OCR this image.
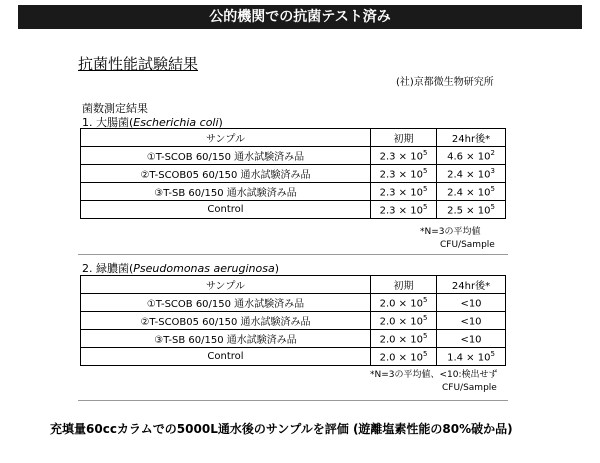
公的機関での抗菌テスト済み
抗菌性能試験結果
(社)京都微生物研究所
菌数測定結果
1. 大腸菌(Escherichia coli)
サンプル	初期	24hr後*
①T-SCOB 60/150 通水試験済み品	$2.3 \times 10^5$	$4.6 \times 10^2$
②T-SCOB05 60/150 通水試験済み品	$2.3 \times 10^5$	$2.4 \times 10^3$
③T-SB 60/150 通水試験済み品	$2.3 \times 10^5$	$2.4 \times 10^5$
Control	$2.3 \times 10^5$	$2.5 \times 10^5$
*N=3の平均値
CFU/Sample
2. 緑膿菌(Pseudomonas aeruginosa)
サンプル	初期	24hr後*
①T-SCOB 60/150 通水試験済み品	$2.0 \times 10^5$	<10
②T-SCOB05 60/150 通水試験済み品	$2.0 \times 10^5$	<10
③T-SB 60/150 通水試験済み品	$2.0 \times 10^5$	<10
Control	$2.0 \times 10^5$	$1.4 \times 10^5$
*N=3の平均値、<10:検出せず
CFU/Sample
充填量60ccカラムでの5000L通水後のサンプルを評価 (遊離塩素性能の80%破か品)
